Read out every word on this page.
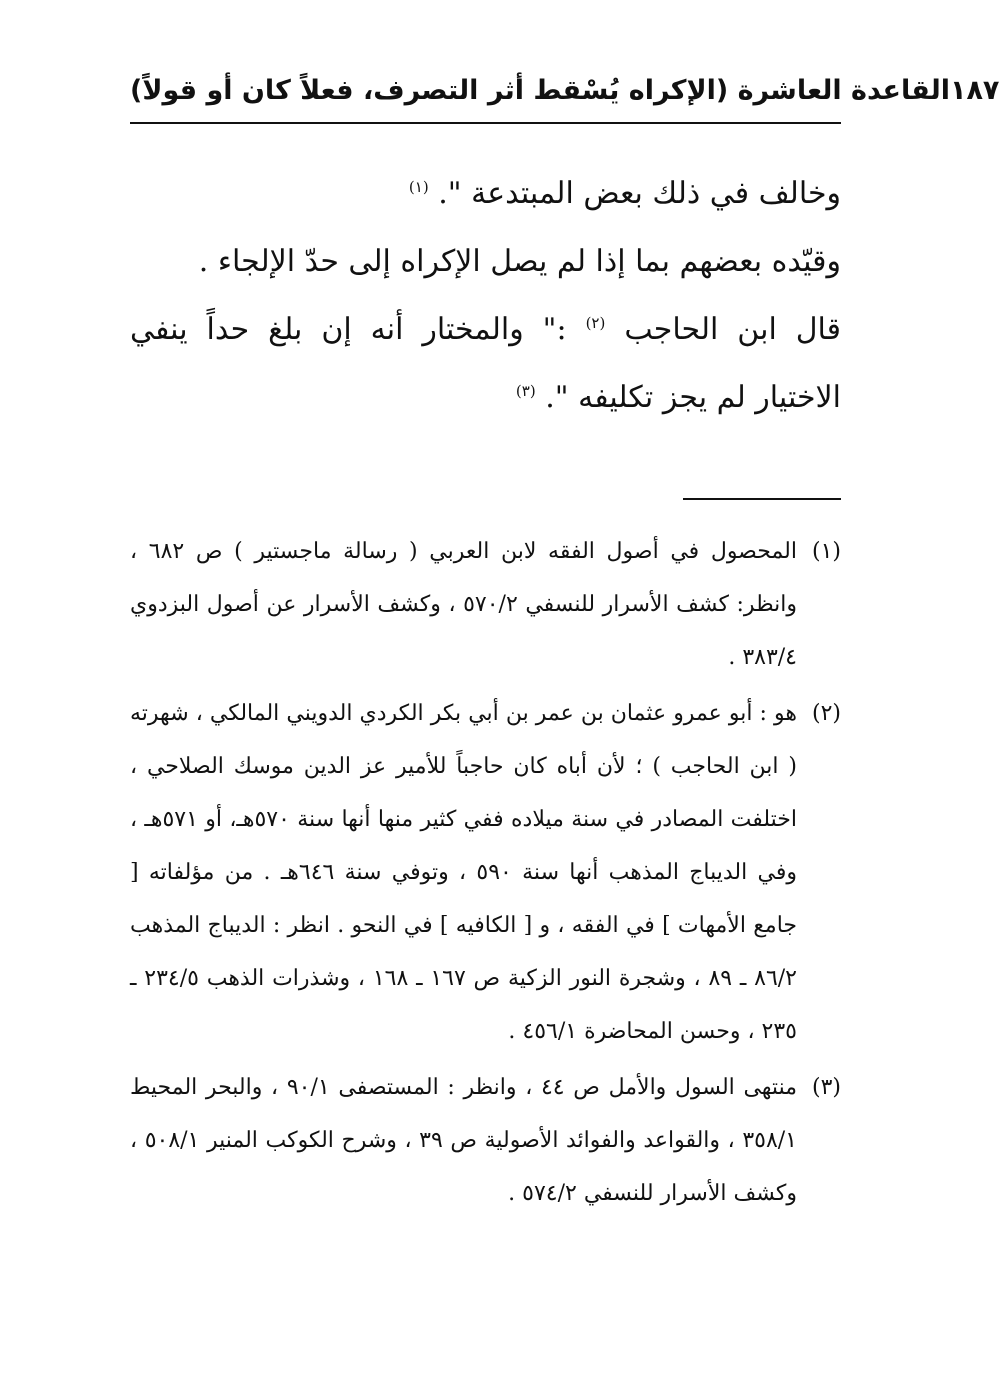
القاعدة العاشرة (الإكراه يُسْقط أثر التصرف، فعلاً كان أو قولاً) ١٨٧

وخالف في ذلك بعض المبتدعة ". $^{(١)}$

وقيّده بعضهم بما إذا لم يصل الإكراه إلى حدّ الإلجاء .

قال ابن الحاجب $^{(٢)}$ :" والمختار أنه إن بلغ حداً ينفي الاختيار لم يجز تكليفه ". $^{(٣)}$

(١)
المحصول في أصول الفقه لابن العربي ( رسالة ماجستير ) ص ٦٨٢ ، وانظر: كشف الأسرار للنسفي ٥٧٠/٢ ، وكشف الأسرار عن أصول البزدوي ٣٨٣/٤ .
(٢)
هو : أبو عمرو عثمان بن عمر بن أبي بكر الكردي الدويني المالكي ، شهرته ( ابن الحاجب ) ؛ لأن أباه كان حاجباً للأمير عز الدين موسك الصلاحي ، اختلفت المصادر في سنة ميلاده ففي كثير منها أنها سنة ٥٧٠هـ، أو ٥٧١هـ ، وفي الديباج المذهب أنها سنة ٥٩٠ ، وتوفي سنة ٦٤٦هـ . من مؤلفاته [ جامع الأمهات ] في الفقه ، و [ الكافيه ] في النحو . انظر : الديباج المذهب ٨٦/٢ ـ ٨٩ ، وشجرة النور الزكية ص ١٦٧ ـ ١٦٨ ، وشذرات الذهب ٢٣٤/٥ ـ ٢٣٥ ، وحسن المحاضرة ٤٥٦/١ .
(٣)
منتهى السول والأمل ص ٤٤ ، وانظر : المستصفى ٩٠/١ ، والبحر المحيط ٣٥٨/١ ، والقواعد والفوائد الأصولية ص ٣٩ ، وشرح الكوكب المنير ٥٠٨/١ ، وكشف الأسرار للنسفي ٥٧٤/٢ .
